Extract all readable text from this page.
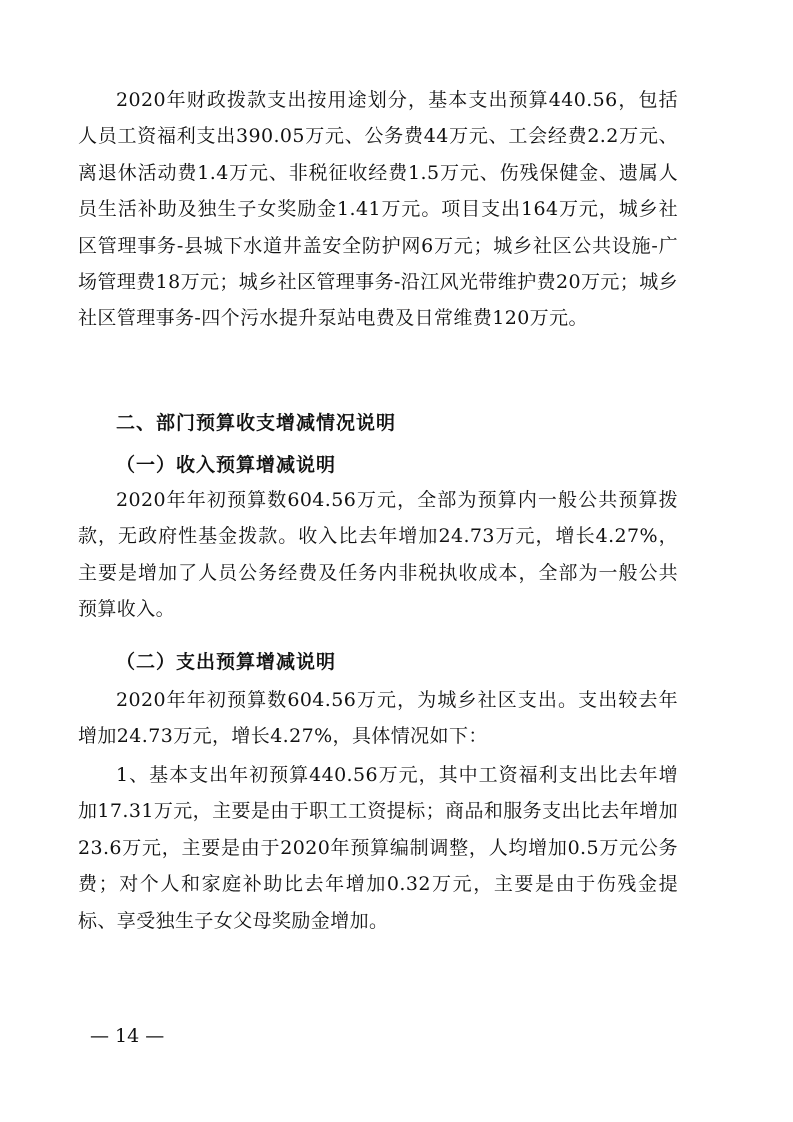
2020年财政拨款支出按用途划分，基本支出预算440.56，包括人员工资福利支出390.05万元、公务费44万元、工会经费2.2万元、离退休活动费1.4万元、非税征收经费1.5万元、伤残保健金、遗属人员生活补助及独生子女奖励金1.41万元。项目支出164万元，城乡社区管理事务-县城下水道井盖安全防护网6万元；城乡社区公共设施-广场管理费18万元；城乡社区管理事务-沿江风光带维护费20万元；城乡社区管理事务-四个污水提升泵站电费及日常维费120万元。

二、部门预算收支增减情况说明
（一）收入预算增减说明

2020年年初预算数604.56万元，全部为预算内一般公共预算拨款，无政府性基金拨款。收入比去年增加24.73万元，增长4.27%，主要是增加了人员公务经费及任务内非税执收成本，全部为一般公共预算收入。

（二）支出预算增减说明

2020年年初预算数604.56万元，为城乡社区支出。支出较去年增加24.73万元，增长4.27%，具体情况如下：

1、基本支出年初预算440.56万元，其中工资福利支出比去年增加17.31万元，主要是由于职工工资提标；商品和服务支出比去年增加23.6万元，主要是由于2020年预算编制调整，人均增加0.5万元公务费；对个人和家庭补助比去年增加0.32万元，主要是由于伤残金提标、享受独生子女父母奖励金增加。

— 14 —
